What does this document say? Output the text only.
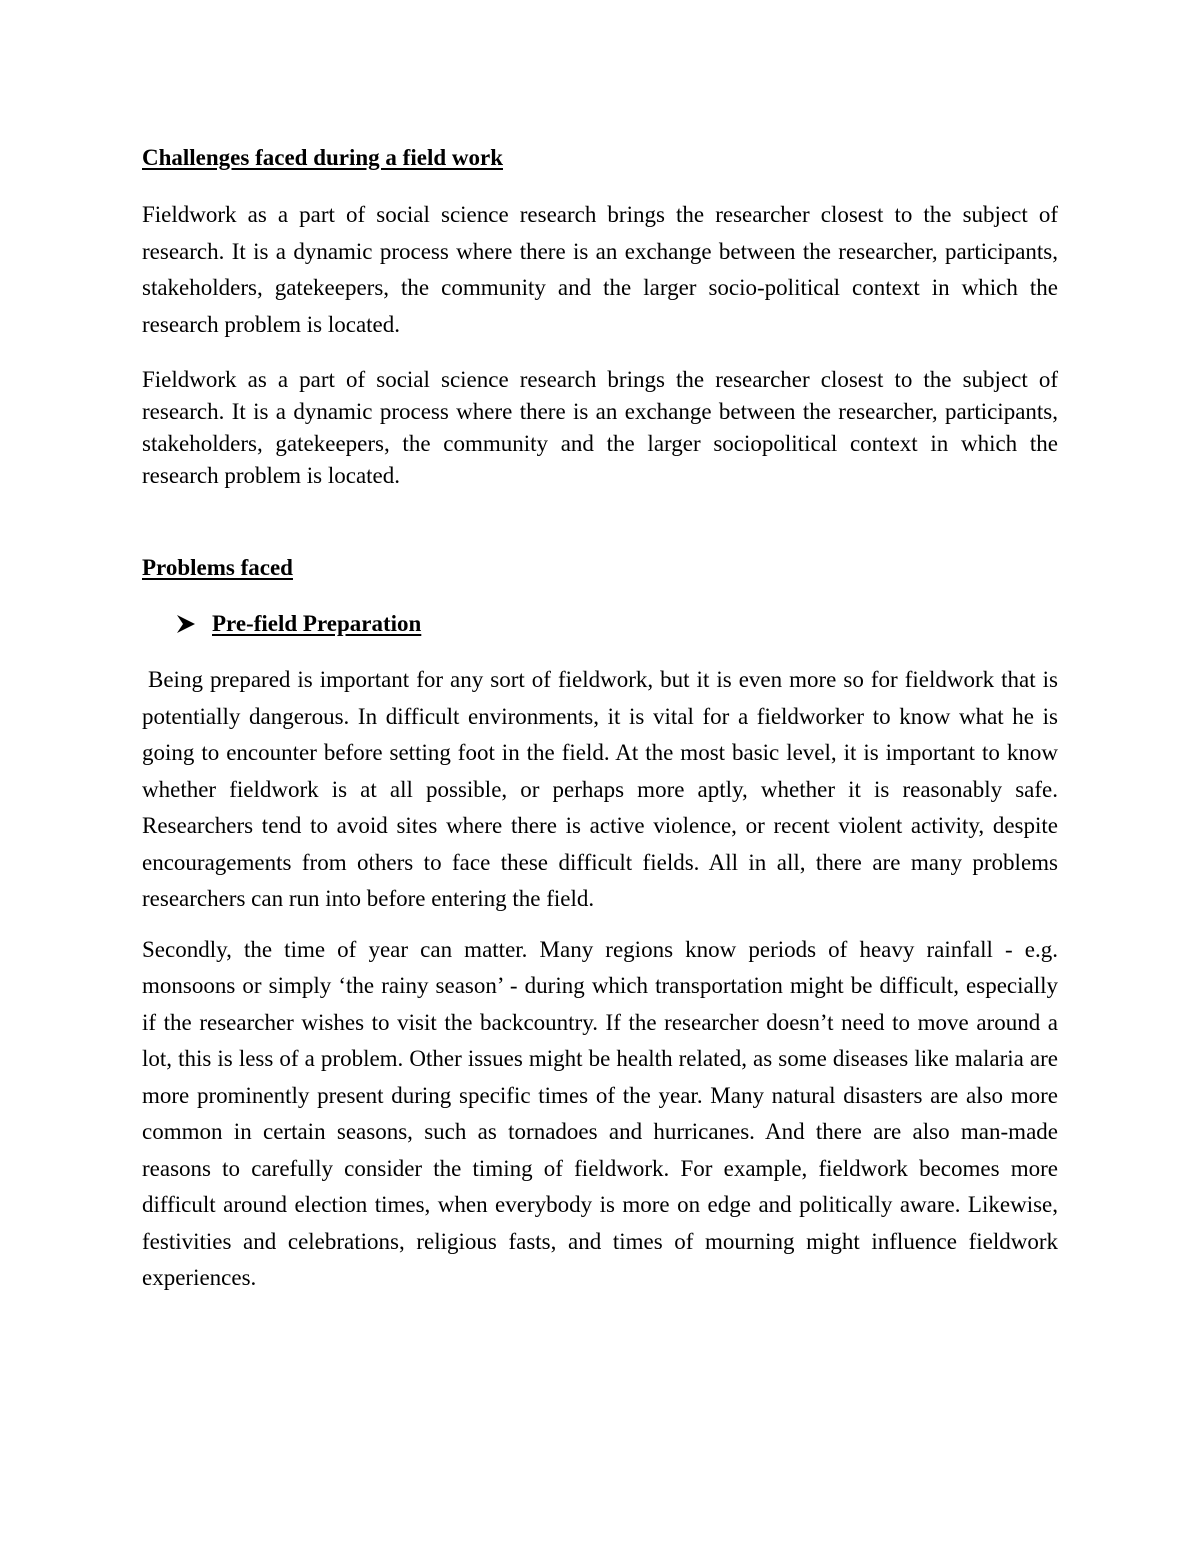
Challenges faced during a field work

Fieldwork as a part of social science research brings the researcher closest to the subject of research. It is a dynamic process where there is an exchange between the researcher, participants, stakeholders, gatekeepers, the community and the larger socio-political context in which the research problem is located.

Fieldwork as a part of social science research brings the researcher closest to the subject of research. It is a dynamic process where there is an exchange between the researcher, participants, stakeholders, gatekeepers, the community and the larger sociopolitical context in which the research problem is located.

Problems faced

Pre-field Preparation

Being prepared is important for any sort of fieldwork, but it is even more so for fieldwork that is potentially dangerous. In difficult environments, it is vital for a fieldworker to know what he is going to encounter before setting foot in the field. At the most basic level, it is important to know whether fieldwork is at all possible, or perhaps more aptly, whether it is reasonably safe. Researchers tend to avoid sites where there is active violence, or recent violent activity, despite encouragements from others to face these difficult fields. All in all, there are many problems researchers can run into before entering the field.

Secondly, the time of year can matter. Many regions know periods of heavy rainfall - e.g. monsoons or simply ‘the rainy season’ - during which transportation might be difficult, especially if the researcher wishes to visit the backcountry. If the researcher doesn’t need to move around a lot, this is less of a problem. Other issues might be health related, as some diseases like malaria are more prominently present during specific times of the year. Many natural disasters are also more common in certain seasons, such as tornadoes and hurricanes. And there are also man-made reasons to carefully consider the timing of fieldwork. For example, fieldwork becomes more difficult around election times, when everybody is more on edge and politically aware. Likewise, festivities and celebrations, religious fasts, and times of mourning might influence fieldwork experiences.
